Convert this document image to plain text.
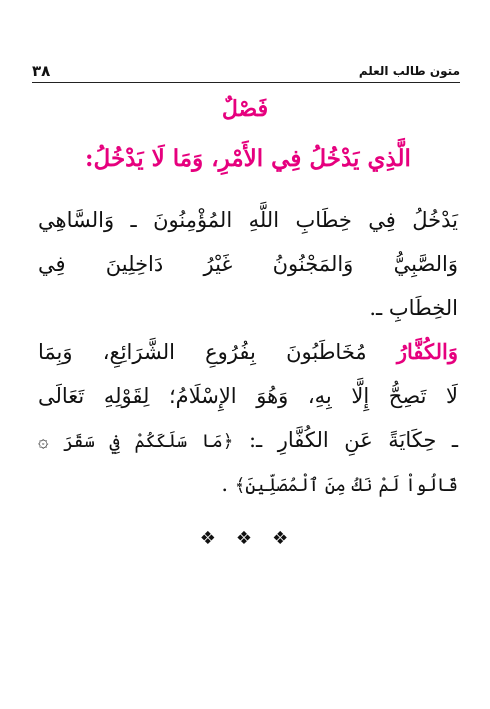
٣٨	متون طالب العلم
فَصْلٌ
الَّذِي يَدْخُلُ فِي الأَمْرِ، وَمَا لَا يَدْخُلُ:
يَدْخُلُ فِي خِطَابِ اللَّهِ المُؤْمِنُونَ ـ وَالسَّاهِي
وَالصَّبِيُّ وَالمَجْنُونُ غَيْرُ دَاخِلِينَ فِي
الخِطَابِ ـ.
وَالكُفَّارُ مُخَاطَبُونَ بِفُرُوعِ الشَّرَائِعِ، وَبِمَا
لَا تَصِحُّ إِلَّا بِهِ، وَهُوَ الإِسْلَامُ؛ لِقَوْلِهِ تَعَالَى
ـ حِكَايَةً عَنِ الكُفَّارِ ـ: ﴿مَا سَلَكَكُمْ فِي سَقَرَ ۞
قَالُواْ لَمْ نَكُ مِنَ ٱلْمُصَلِّينَ﴾ .
❖ ❖ ❖
